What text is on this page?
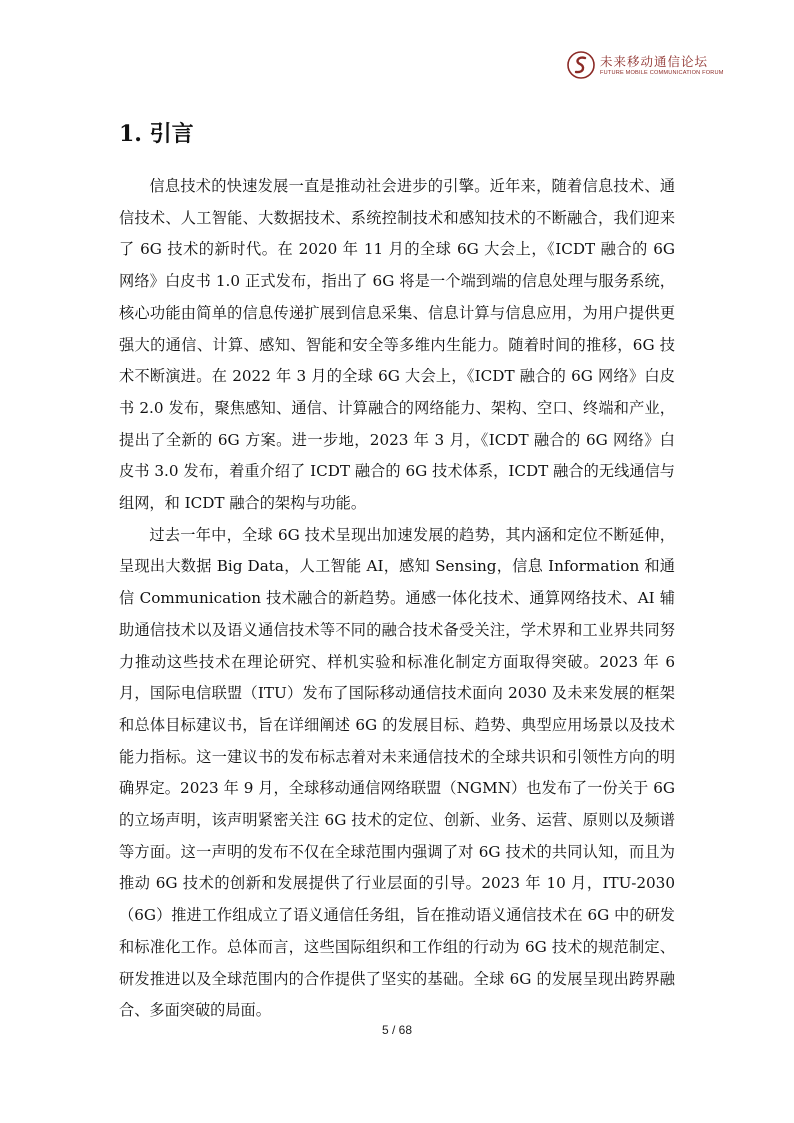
未来移动通信论坛
FUTURE MOBILE COMMUNICATION FORUM
1. 引言

信息技术的快速发展一直是推动社会进步的引擎。近年来，随着信息技术、通信技术、人工智能、大数据技术、系统控制技术和感知技术的不断融合，我们迎来了 6G 技术的新时代。在 2020 年 11 月的全球 6G 大会上，《ICDT 融合的 6G 网络》白皮书 1.0 正式发布，指出了 6G 将是一个端到端的信息处理与服务系统，核心功能由简单的信息传递扩展到信息采集、信息计算与信息应用，为用户提供更强大的通信、计算、感知、智能和安全等多维内生能力。随着时间的推移，6G 技术不断演进。在 2022 年 3 月的全球 6G 大会上，《ICDT 融合的 6G 网络》白皮书 2.0 发布，聚焦感知、通信、计算融合的网络能力、架构、空口、终端和产业，提出了全新的 6G 方案。进一步地，2023 年 3 月，《ICDT 融合的 6G 网络》白皮书 3.0 发布，着重介绍了 ICDT 融合的 6G 技术体系，ICDT 融合的无线通信与组网，和 ICDT 融合的架构与功能。

过去一年中，全球 6G 技术呈现出加速发展的趋势，其内涵和定位不断延伸，呈现出大数据 Big Data，人工智能 AI，感知 Sensing，信息 Information 和通信 Communication 技术融合的新趋势。通感一体化技术、通算网络技术、AI 辅助通信技术以及语义通信技术等不同的融合技术备受关注，学术界和工业界共同努力推动这些技术在理论研究、样机实验和标准化制定方面取得突破。2023 年 6 月，国际电信联盟（ITU）发布了国际移动通信技术面向 2030 及未来发展的框架和总体目标建议书，旨在详细阐述 6G 的发展目标、趋势、典型应用场景以及技术能力指标。这一建议书的发布标志着对未来通信技术的全球共识和引领性方向的明确界定。2023 年 9 月，全球移动通信网络联盟（NGMN）也发布了一份关于 6G 的立场声明，该声明紧密关注 6G 技术的定位、创新、业务、运营、原则以及频谱等方面。这一声明的发布不仅在全球范围内强调了对 6G 技术的共同认知，而且为推动 6G 技术的创新和发展提供了行业层面的引导。2023 年 10 月，ITU-2030（6G）推进工作组成立了语义通信任务组，旨在推动语义通信技术在 6G 中的研发和标准化工作。总体而言，这些国际组织和工作组的行动为 6G 技术的规范制定、研发推进以及全球范围内的合作提供了坚实的基础。全球 6G 的发展呈现出跨界融合、多面突破的局面。

5 / 68
